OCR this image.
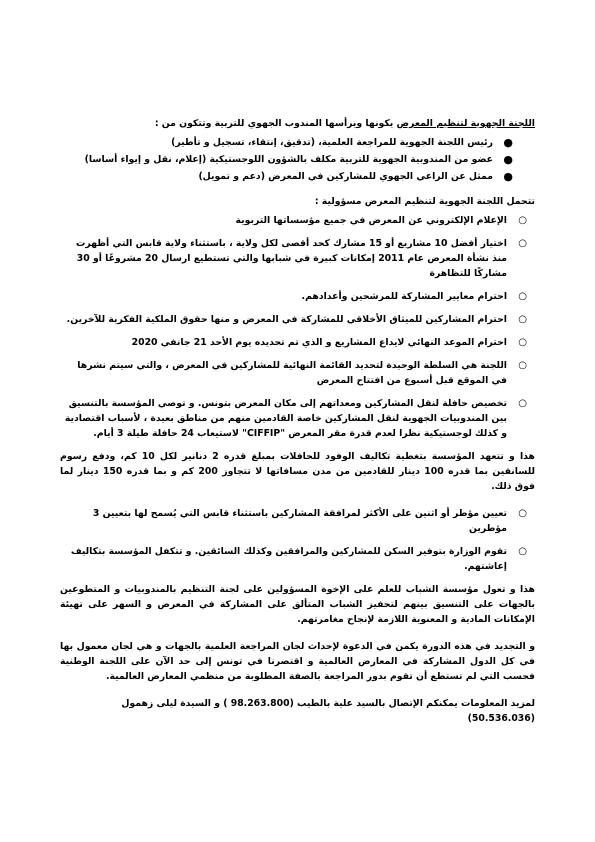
اللجنة الجهوية لتنظيم المعرض يكونها ويرأسها المندوب الجهوي للتربية وتتكون من :

●
رئيس اللجنة الجهوية للمراجعة العلمية، (تدقيق، إنتقاء، تسجيل و تأطير)
●
عضو من المندوبية الجهوية للتربية مكلف بالشؤون اللوجستيكية (إعلام، نقل و إيواء أساسا)
●
ممثل عن الراعي الجهوي للمشاركين في المعرض (دعم و تمويل)

تتحمل اللجنة الجهوية لتنظيم المعرض مسؤولية :

○
الإعلام الإلكتروني عن المعرض في جميع مؤسساتها التربوية
○
اختيار أفضل 10 مشاريع أو 15 مشارك كحد أقصى لكل ولاية ، باستثناء ولاية قابس التي أظهرت منذ نشأة المعرض عام 2011 إمكانات كبيرة في شبابها والتي تستطيع ارسال 20 مشروعًا أو 30 مشاركًا للتظاهرة
○
احترام معايير المشاركة للمرشحين وأعدادهم.
○
احترام المشاركين للميثاق الأخلاقي للمشاركة في المعرض و منها حقوق الملكية الفكرية للآخرين.
○
احترام الموعد النهائي لايداع المشاريع و الذي تم تحديده يوم الأحد 21 جانفي 2020
○
اللجنة هي السلطة الوحيدة لتحديد القائمة النهائية للمشاركين في المعرض ، والتي سيتم نشرها في الموقع قبل أسبوع من افتتاح المعرض
○
تخصيص حافلة لنقل المشاركين ومعداتهم إلى مكان المعرض بتونس. و توصي المؤسسة بالتنسيق بين المندوبيات الجهوية لنقل المشاركين خاصة القادمين منهم من مناطق بعيدة ، لأسباب اقتصادية و كذلك لوجستيكية نظرا لعدم قدرة مقر المعرض "CIFFIP" لاستيعاب 24 حافلة طيلة 3 أيام.

هذا و تتعهد المؤسسة بتغطية تكاليف الوفود للحافلات بمبلغ قدره 2 دنانير لكل 10 كم، ودفع رسوم للسانقين بما قدره 100 دينار للقادمين من مدن مسافاتها لا تتجاوز 200 كم و بما قدره 150 دينار لما فوق ذلك.

○
تعيين مؤطر أو اثنين على الأكثر لمرافقة المشاركين باستثناء قابس التي يُسمح لها بتعيين 3 مؤطرين
○
تقوم الوزارة بتوفير السكن للمشاركين والمرافقين وكذلك السائقين. و تتكفل المؤسسة بتكاليف إعاشتهم.

هذا و تعول مؤسسة الشباب للعلم على الإخوة المسؤولين على لجنة التنظيم بالمندوبيات و المتطوعين بالجهات على التنسيق بينهم لتحفيز الشباب المتألق على المشاركة في المعرض و السهر على تهيئة الإمكانات المادية و المعنوية اللازمة لإنجاح مغامرتهم.

و التجديد في هذه الدورة يكمن في الدعوة لإحداث لجان المراجعة العلمية بالجهات و هي لجان معمول بها في كل الدول المشاركة في المعارض العالمية و اقتصرنا في تونس إلى حد الآن على اللجنة الوطنية فحسب التي لم تستطع أن تقوم بدور المراجعة بالصفة المطلوبة من منظمي المعارض العالمية.

لمزيد المعلومات يمكنكم الإتصال بالسيد علية بالطيب (98.263.800 ) و السيدة ليلى زهمول (50.536.036)
